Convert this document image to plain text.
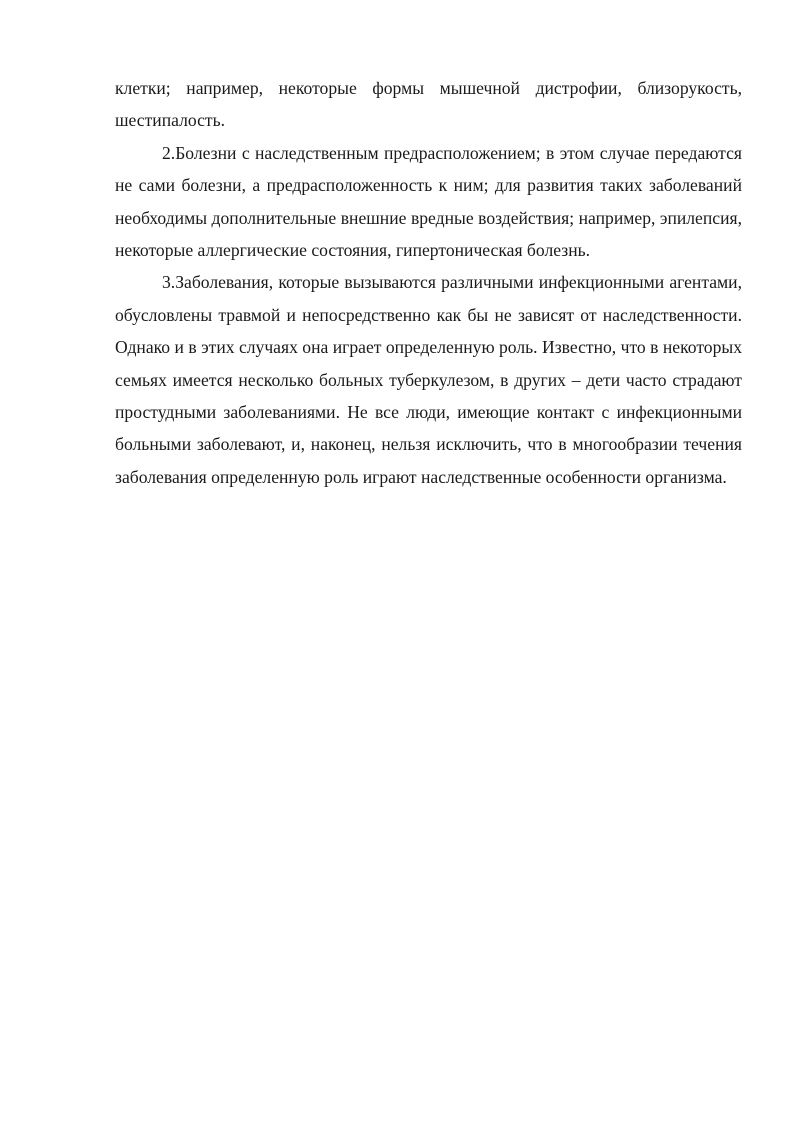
клетки; например, некоторые формы мышечной дистрофии, близорукость, шестипалость.

2.Болезни с наследственным предрасположением; в этом случае передаются не сами болезни, а предрасположенность к ним; для развития таких заболеваний необходимы дополнительные внешние вредные воздействия; например, эпилепсия, некоторые аллергические состояния, гипертоническая болезнь.

3.Заболевания, которые вызываются различными инфекционными агентами, обусловлены травмой и непосредственно как бы не зависят от наследственности. Однако и в этих случаях она играет определенную роль. Известно, что в некоторых семьях имеется несколько больных туберкулезом, в других – дети часто страдают простудными заболеваниями. Не все люди, имеющие контакт с инфекционными больными заболевают, и, наконец, нельзя исключить, что в многообразии течения заболевания определенную роль играют наследственные особенности организма.
